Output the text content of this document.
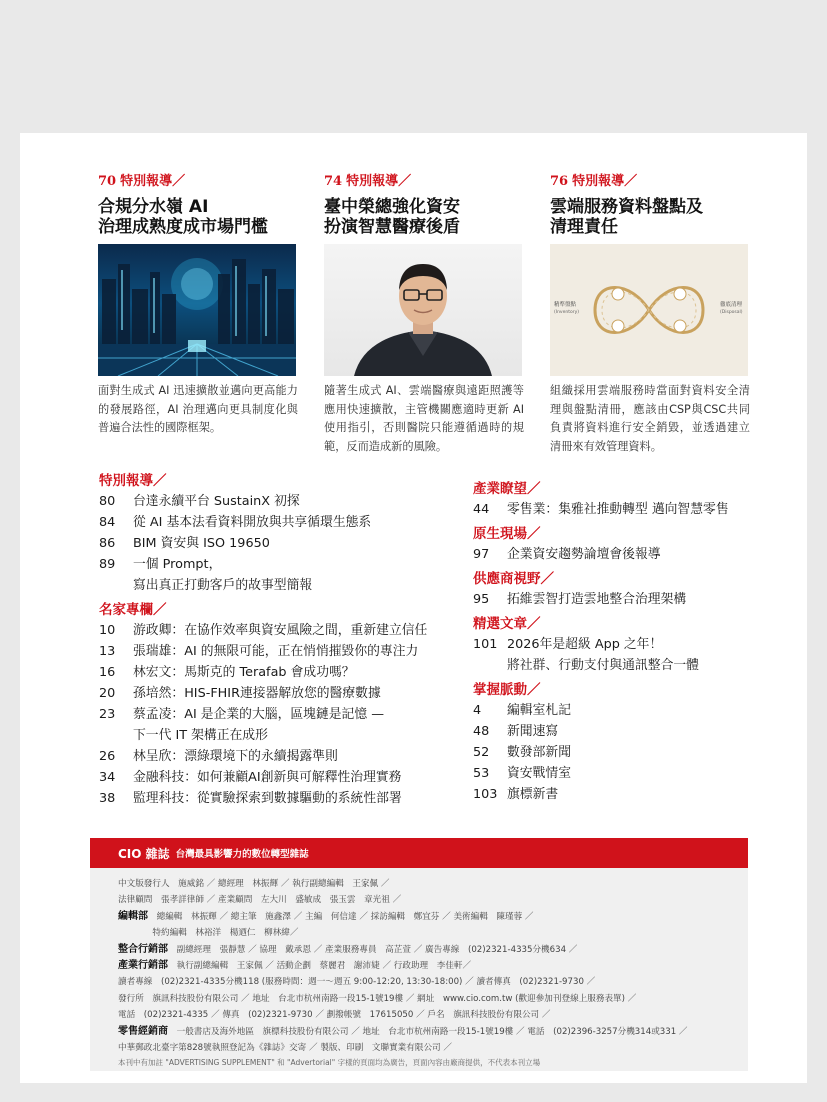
70 特別報導／
合規分水嶺 AI
治理成熟度成市場門檻
面對生成式 AI 迅速擴散並邁向更高能力的發展路徑，AI 治理邁向更具制度化與普遍合法性的國際框架。
74 特別報導／
臺中榮總強化資安
扮演智慧醫療後盾
隨著生成式 AI、雲端醫療與遠距照護等應用快速擴散，主管機關應適時更新 AI 使用指引，否則醫院只能遵循過時的規範，反而造成新的風險。
76 特別報導／
雲端服務資料盤點及
清理責任
精準盤點
(Inventory)
徹底清理
(Disposal)
組織採用雲端服務時當面對資料安全清理與盤點清冊，應該由CSP與CSC共同負責將資料進行安全銷毀，並透過建立清冊來有效管理資料。
特別報導／
80	台達永續平台 SustainX 初探
84	從 AI 基本法看資料開放與共享循環生態系
86	BIM 資安與 ISO 19650
89	一個 Prompt，
寫出真正打動客戶的故事型簡報
名家專欄／
10	游政卿：在協作效率與資安風險之間，重新建立信任
13	張瑞雄：AI 的無限可能，正在悄悄摧毀你的專注力
16	林宏文：馬斯克的 Terafab 會成功嗎？
20	孫培然：HIS-FHIR連接器解放您的醫療數據
23	蔡孟凌：AI 是企業的大腦，區塊鏈是記憶 —
下一代 IT 架構正在成形
26	林呈欣：漂綠環境下的永續揭露準則
34	金融科技：如何兼顧AI創新與可解釋性治理實務
38	監理科技：從實驗探索到數據驅動的系統性部署
產業瞭望／
44	零售業：集雅社推動轉型 邁向智慧零售
原生現場／
97	企業資安趨勢論壇會後報導
供應商視野／
95	拓維雲智打造雲地整合治理架構
精選文章／
101 2026年是超級 App 之年！
將社群、行動支付與通訊整合一體
掌握脈動／
4	編輯室札記
48	新聞速寫
52	數發部新聞
53	資安戰情室
103 旗標新書
CIO 雜誌 台灣最具影響力的數位轉型雜誌
中文版發行人　施威銘 ／ 總經理　林振輝 ／ 執行副總編輯　王家佩 ／
法律顧問　張孝詳律師 ／ 產業顧問　左大川　盛敏成　張玉雲　章光祖 ／
編輯部　總編輯　林振輝 ／ 總主筆　施鑫澤 ／ 主編　何信達 ／ 採訪編輯　鄭宜芬 ／ 美術編輯　陳瑾蓉 ／
　　　　特約編輯　林裕洋　楊迺仁　柳林緯／
整合行銷部　副總經理　張靜慧 ／ 協理　戴承恩 ／ 產業服務專員　高芷萱 ／ 廣告專線　(02)2321-4335分機634 ／
產業行銷部　執行副總編輯　王家佩 ／ 活動企劃　蔡麗君　謝沛婕 ／ 行政助理　李佳軒／
讀者專線　(02)2321-4335分機118 (服務時間：週一～週五 9:00-12:20, 13:30-18:00) ／ 讀者傳真　(02)2321-9730 ／
發行所　旗訊科技股份有限公司 ／ 地址　台北市杭州南路一段15-1號19樓 ／ 網址　www.cio.com.tw (歡迎參加刊登線上服務表單) ／
電話　(02)2321-4335 ／ 傳真　(02)2321-9730 ／ 劃撥帳號　17615050 ／ 戶名　旗訊科技股份有限公司 ／
零售經銷商　一般書店及海外地區　旗標科技股份有限公司 ／ 地址　台北市杭州南路一段15-1號19樓 ／ 電話　(02)2396-3257分機314或331 ／
中華郵政北臺字第828號執照登記為《雜誌》交寄 ／ 製版、印刷　文聯實業有限公司 ／
本刊中有加註 "ADVERTISING SUPPLEMENT" 和 "Advertorial" 字樣的頁面均為廣告，頁面內容由廠商提供，不代表本刊立場
